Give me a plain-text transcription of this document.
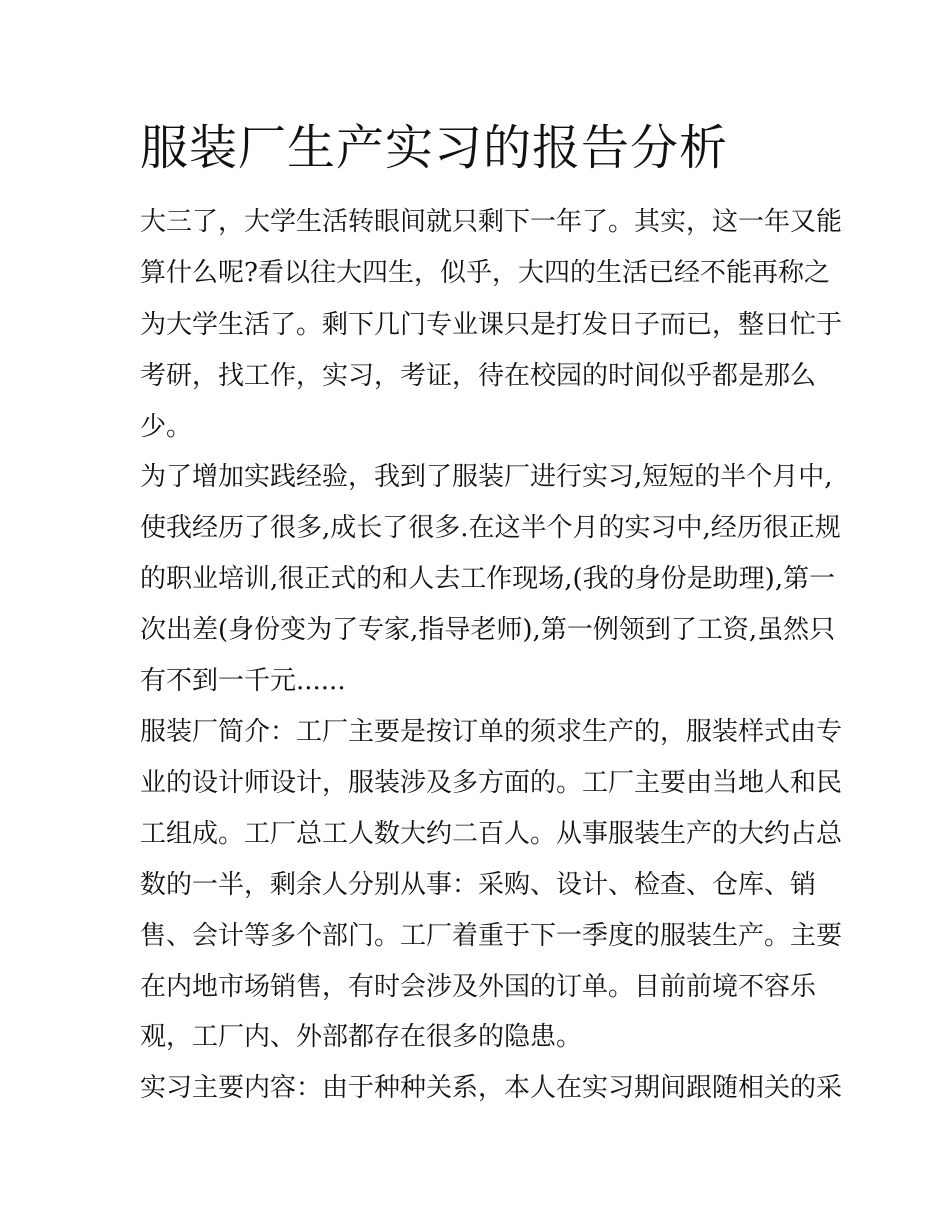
服装厂生产实习的报告分析
大三了，大学生活转眼间就只剩下一年了。其实，这一年又能
算什么呢?看以往大四生，似乎，大四的生活已经不能再称之
为大学生活了。剩下几门专业课只是打发日子而已，整日忙于
考研，找工作，实习，考证，待在校园的时间似乎都是那么
少。
为了增加实践经验，我到了服装厂进行实习,短短的半个月中,
使我经历了很多,成长了很多.在这半个月的实习中,经历很正规
的职业培训,很正式的和人去工作现场,(我的身份是助理),第一
次出差(身份变为了专家,指导老师),第一例领到了工资,虽然只
有不到一千元......
服装厂简介：工厂主要是按订单的须求生产的，服装样式由专
业的设计师设计，服装涉及多方面的。工厂主要由当地人和民
工组成。工厂总工人数大约二百人。从事服装生产的大约占总
数的一半，剩余人分别从事：采购、设计、检查、仓库、销
售、会计等多个部门。工厂着重于下一季度的服装生产。主要
在内地市场销售，有时会涉及外国的订单。目前前境不容乐
观，工厂内、外部都存在很多的隐患。
实习主要内容：由于种种关系，本人在实习期间跟随相关的采
